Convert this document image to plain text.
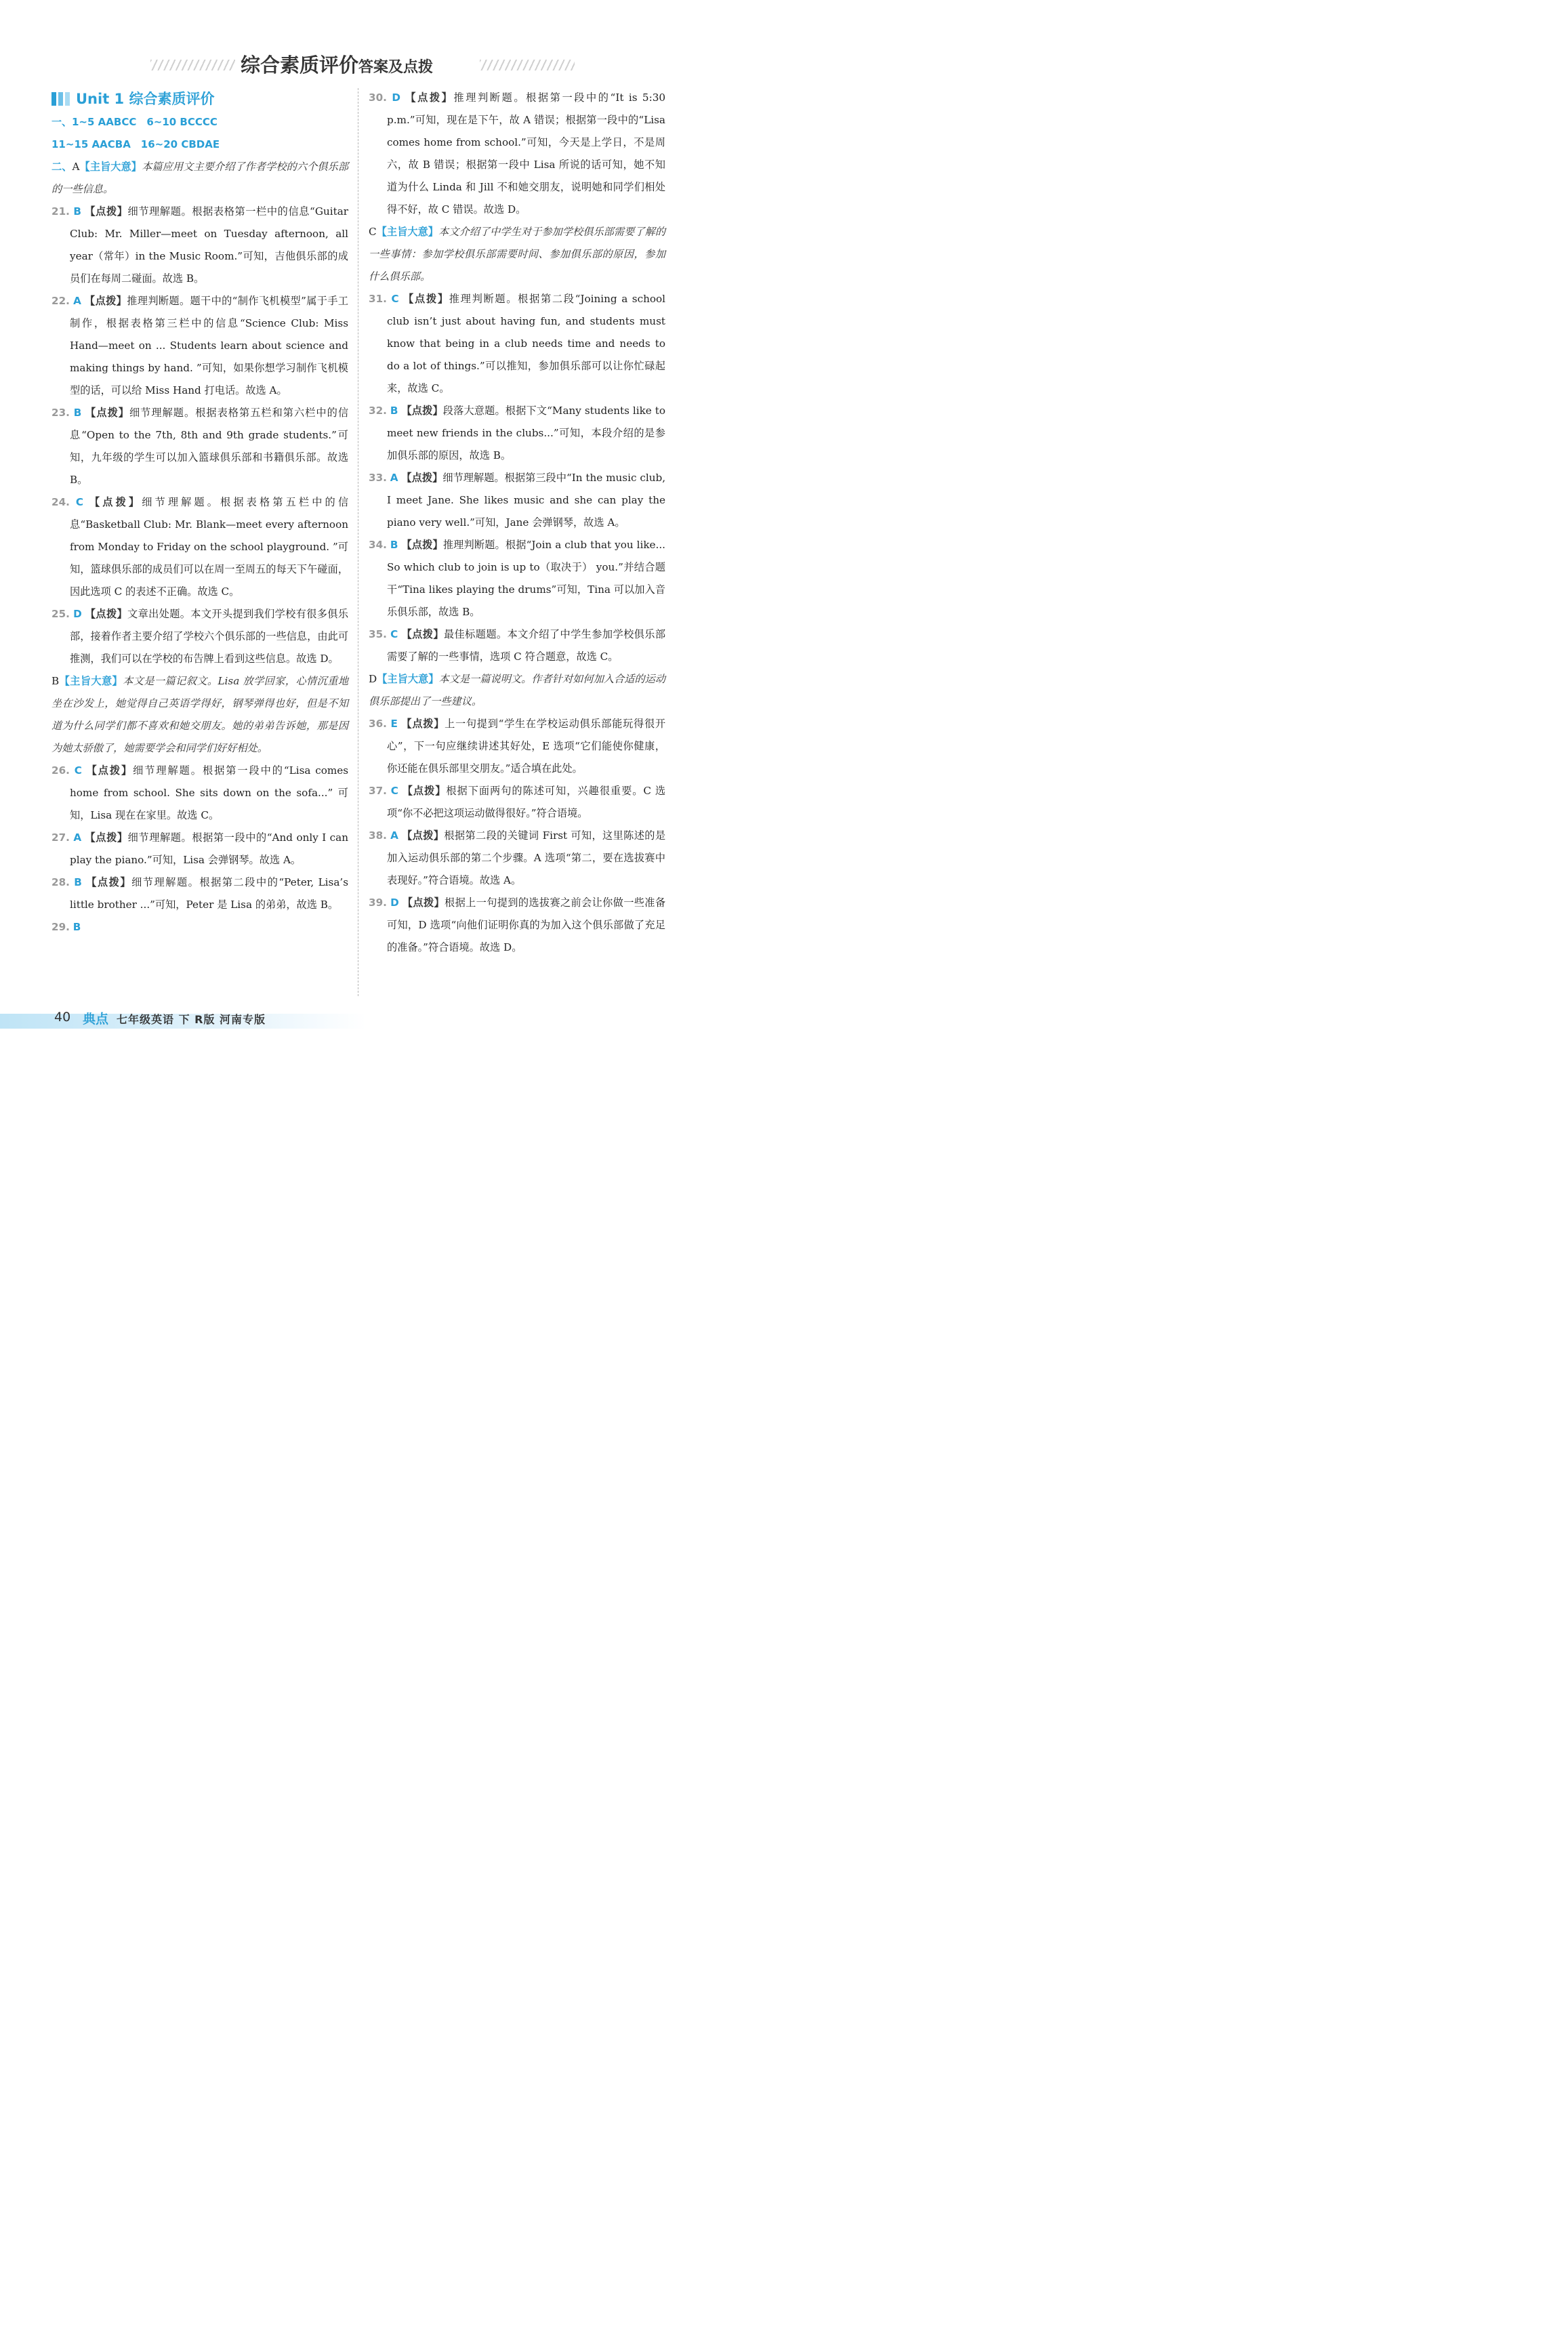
综合素质评价答案及点拨
Unit 1 综合素质评价
一、1~5 AABCC　6~10 BCCCC
11~15 AACBA　16~20 CBDAE
二、A【主旨大意】本篇应用文主要介绍了作者学校的六个俱乐部的一些信息。
21. B 【点拨】细节理解题。根据表格第一栏中的信息“Guitar Club: Mr. Miller—meet on Tuesday afternoon, all year（常年）in the Music Room.”可知，吉他俱乐部的成员们在每周二碰面。故选 B。
22. A 【点拨】推理判断题。题干中的“制作飞机模型”属于手工制作，根据表格第三栏中的信息“Science Club: Miss Hand—meet on ... Students learn about science and making things by hand. ”可知，如果你想学习制作飞机模型的话，可以给 Miss Hand 打电话。故选 A。
23. B 【点拨】细节理解题。根据表格第五栏和第六栏中的信息“Open to the 7th, 8th and 9th grade students.”可知，九年级的学生可以加入篮球俱乐部和书籍俱乐部。故选 B。
24. C 【点拨】细节理解题。根据表格第五栏中的信息“Basketball Club: Mr. Blank—meet every afternoon from Monday to Friday on the school playground. ”可知，篮球俱乐部的成员们可以在周一至周五的每天下午碰面，因此选项 C 的表述不正确。故选 C。
25. D 【点拨】文章出处题。本文开头提到我们学校有很多俱乐部，接着作者主要介绍了学校六个俱乐部的一些信息，由此可推测，我们可以在学校的布告牌上看到这些信息。故选 D。
B【主旨大意】本文是一篇记叙文。Lisa 放学回家，心情沉重地坐在沙发上，她觉得自己英语学得好，钢琴弹得也好，但是不知道为什么同学们都不喜欢和她交朋友。她的弟弟告诉她，那是因为她太骄傲了，她需要学会和同学们好好相处。
26. C 【点拨】细节理解题。根据第一段中的“Lisa comes home from school. She sits down on the sofa...” 可知，Lisa 现在在家里。故选 C。
27. A 【点拨】细节理解题。根据第一段中的“And only I can play the piano.”可知，Lisa 会弹钢琴。故选 A。
28. B 【点拨】细节理解题。根据第二段中的“Peter, Lisa’s little brother ...”可知，Peter 是 Lisa 的弟弟，故选 B。
29. B
30. D 【点拨】推理判断题。根据第一段中的“It is 5:30 p.m.”可知，现在是下午，故 A 错误；根据第一段中的“Lisa comes home from school.”可知，今天是上学日，不是周六，故 B 错误；根据第一段中 Lisa 所说的话可知，她不知道为什么 Linda 和 Jill 不和她交朋友，说明她和同学们相处得不好，故 C 错误。故选 D。
C【主旨大意】本文介绍了中学生对于参加学校俱乐部需要了解的一些事情：参加学校俱乐部需要时间、参加俱乐部的原因，参加什么俱乐部。
31. C 【点拨】推理判断题。根据第二段“Joining a school club isn’t just about having fun, and students must know that being in a club needs time and needs to do a lot of things.”可以推知，参加俱乐部可以让你忙碌起来，故选 C。
32. B 【点拨】段落大意题。根据下文“Many students like to meet new friends in the clubs...”可知，本段介绍的是参加俱乐部的原因，故选 B。
33. A 【点拨】细节理解题。根据第三段中“In the music club, I meet Jane. She likes music and she can play the piano very well.”可知，Jane 会弹钢琴，故选 A。
34. B 【点拨】推理判断题。根据“Join a club that you like... So which club to join is up to（取决于） you.”并结合题干“Tina likes playing the drums”可知，Tina 可以加入音乐俱乐部，故选 B。
35. C 【点拨】最佳标题题。本文介绍了中学生参加学校俱乐部需要了解的一些事情，选项 C 符合题意，故选 C。
D【主旨大意】本文是一篇说明文。作者针对如何加入合适的运动俱乐部提出了一些建议。
36. E 【点拨】上一句提到“学生在学校运动俱乐部能玩得很开心”，下一句应继续讲述其好处，E 选项“它们能使你健康，你还能在俱乐部里交朋友。”适合填在此处。
37. C 【点拨】根据下面两句的陈述可知，兴趣很重要。C 选项“你不必把这项运动做得很好。”符合语境。
38. A 【点拨】根据第二段的关键词 First 可知，这里陈述的是加入运动俱乐部的第二个步骤。A 选项“第二，要在选拔赛中表现好。”符合语境。故选 A。
39. D 【点拨】根据上一句提到的选拔赛之前会让你做一些准备可知，D 选项“向他们证明你真的为加入这个俱乐部做了充足的准备。”符合语境。故选 D。
40 典点 七年级英语 下 R版 河南专版
